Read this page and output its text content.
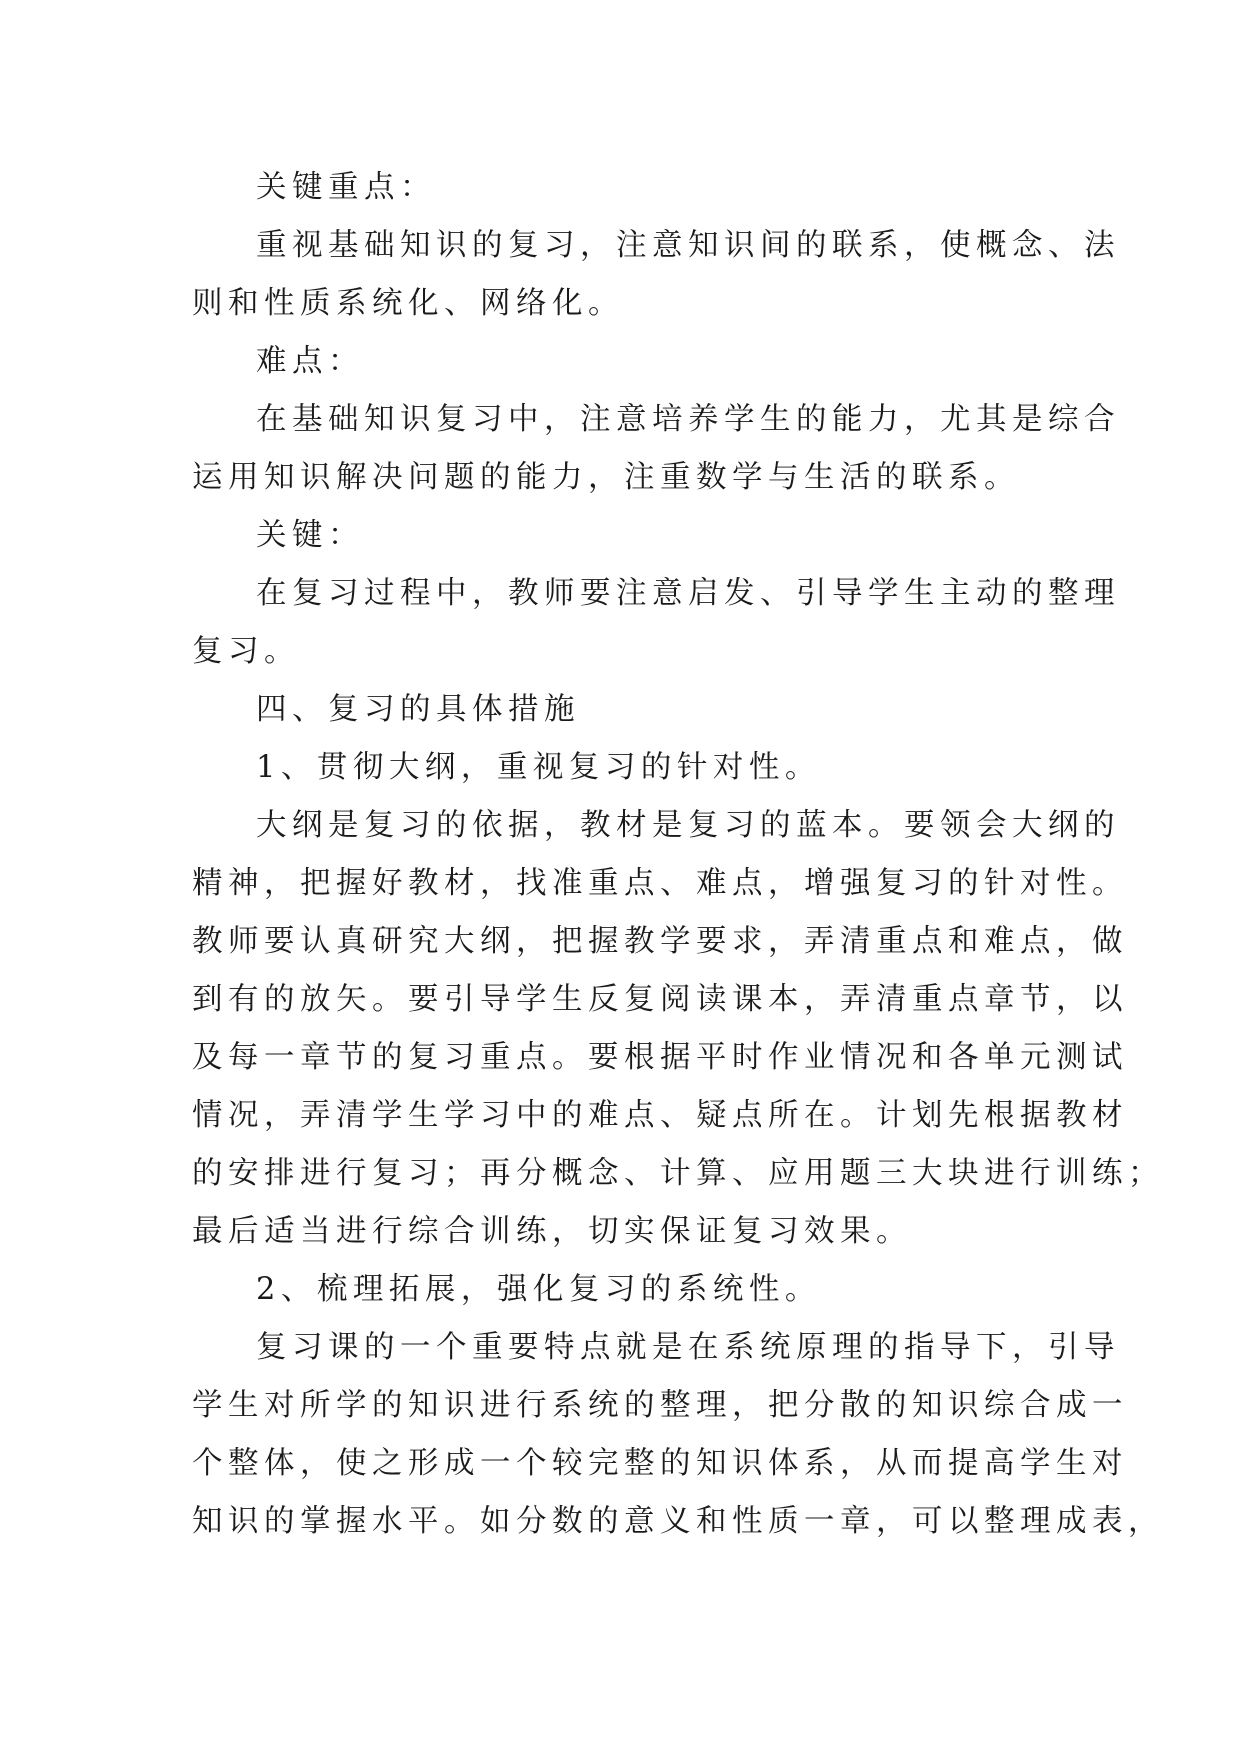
关键重点：
重视基础知识的复习，注意知识间的联系，使概念、法
则和性质系统化、网络化。
难点：
在基础知识复习中，注意培养学生的能力，尤其是综合
运用知识解决问题的能力，注重数学与生活的联系。
关键：
在复习过程中，教师要注意启发、引导学生主动的整理
复习。
四、复习的具体措施
1、贯彻大纲，重视复习的针对性。
大纲是复习的依据，教材是复习的蓝本。要领会大纲的
精神，把握好教材，找准重点、难点，增强复习的针对性。
教师要认真研究大纲，把握教学要求，弄清重点和难点，做
到有的放矢。要引导学生反复阅读课本，弄清重点章节，以
及每一章节的复习重点。要根据平时作业情况和各单元测试
情况，弄清学生学习中的难点、疑点所在。计划先根据教材
的安排进行复习；再分概念、计算、应用题三大块进行训练；
最后适当进行综合训练，切实保证复习效果。
2、梳理拓展，强化复习的系统性。
复习课的一个重要特点就是在系统原理的指导下，引导
学生对所学的知识进行系统的整理，把分散的知识综合成一
个整体，使之形成一个较完整的知识体系，从而提高学生对
知识的掌握水平。如分数的意义和性质一章，可以整理成表，
